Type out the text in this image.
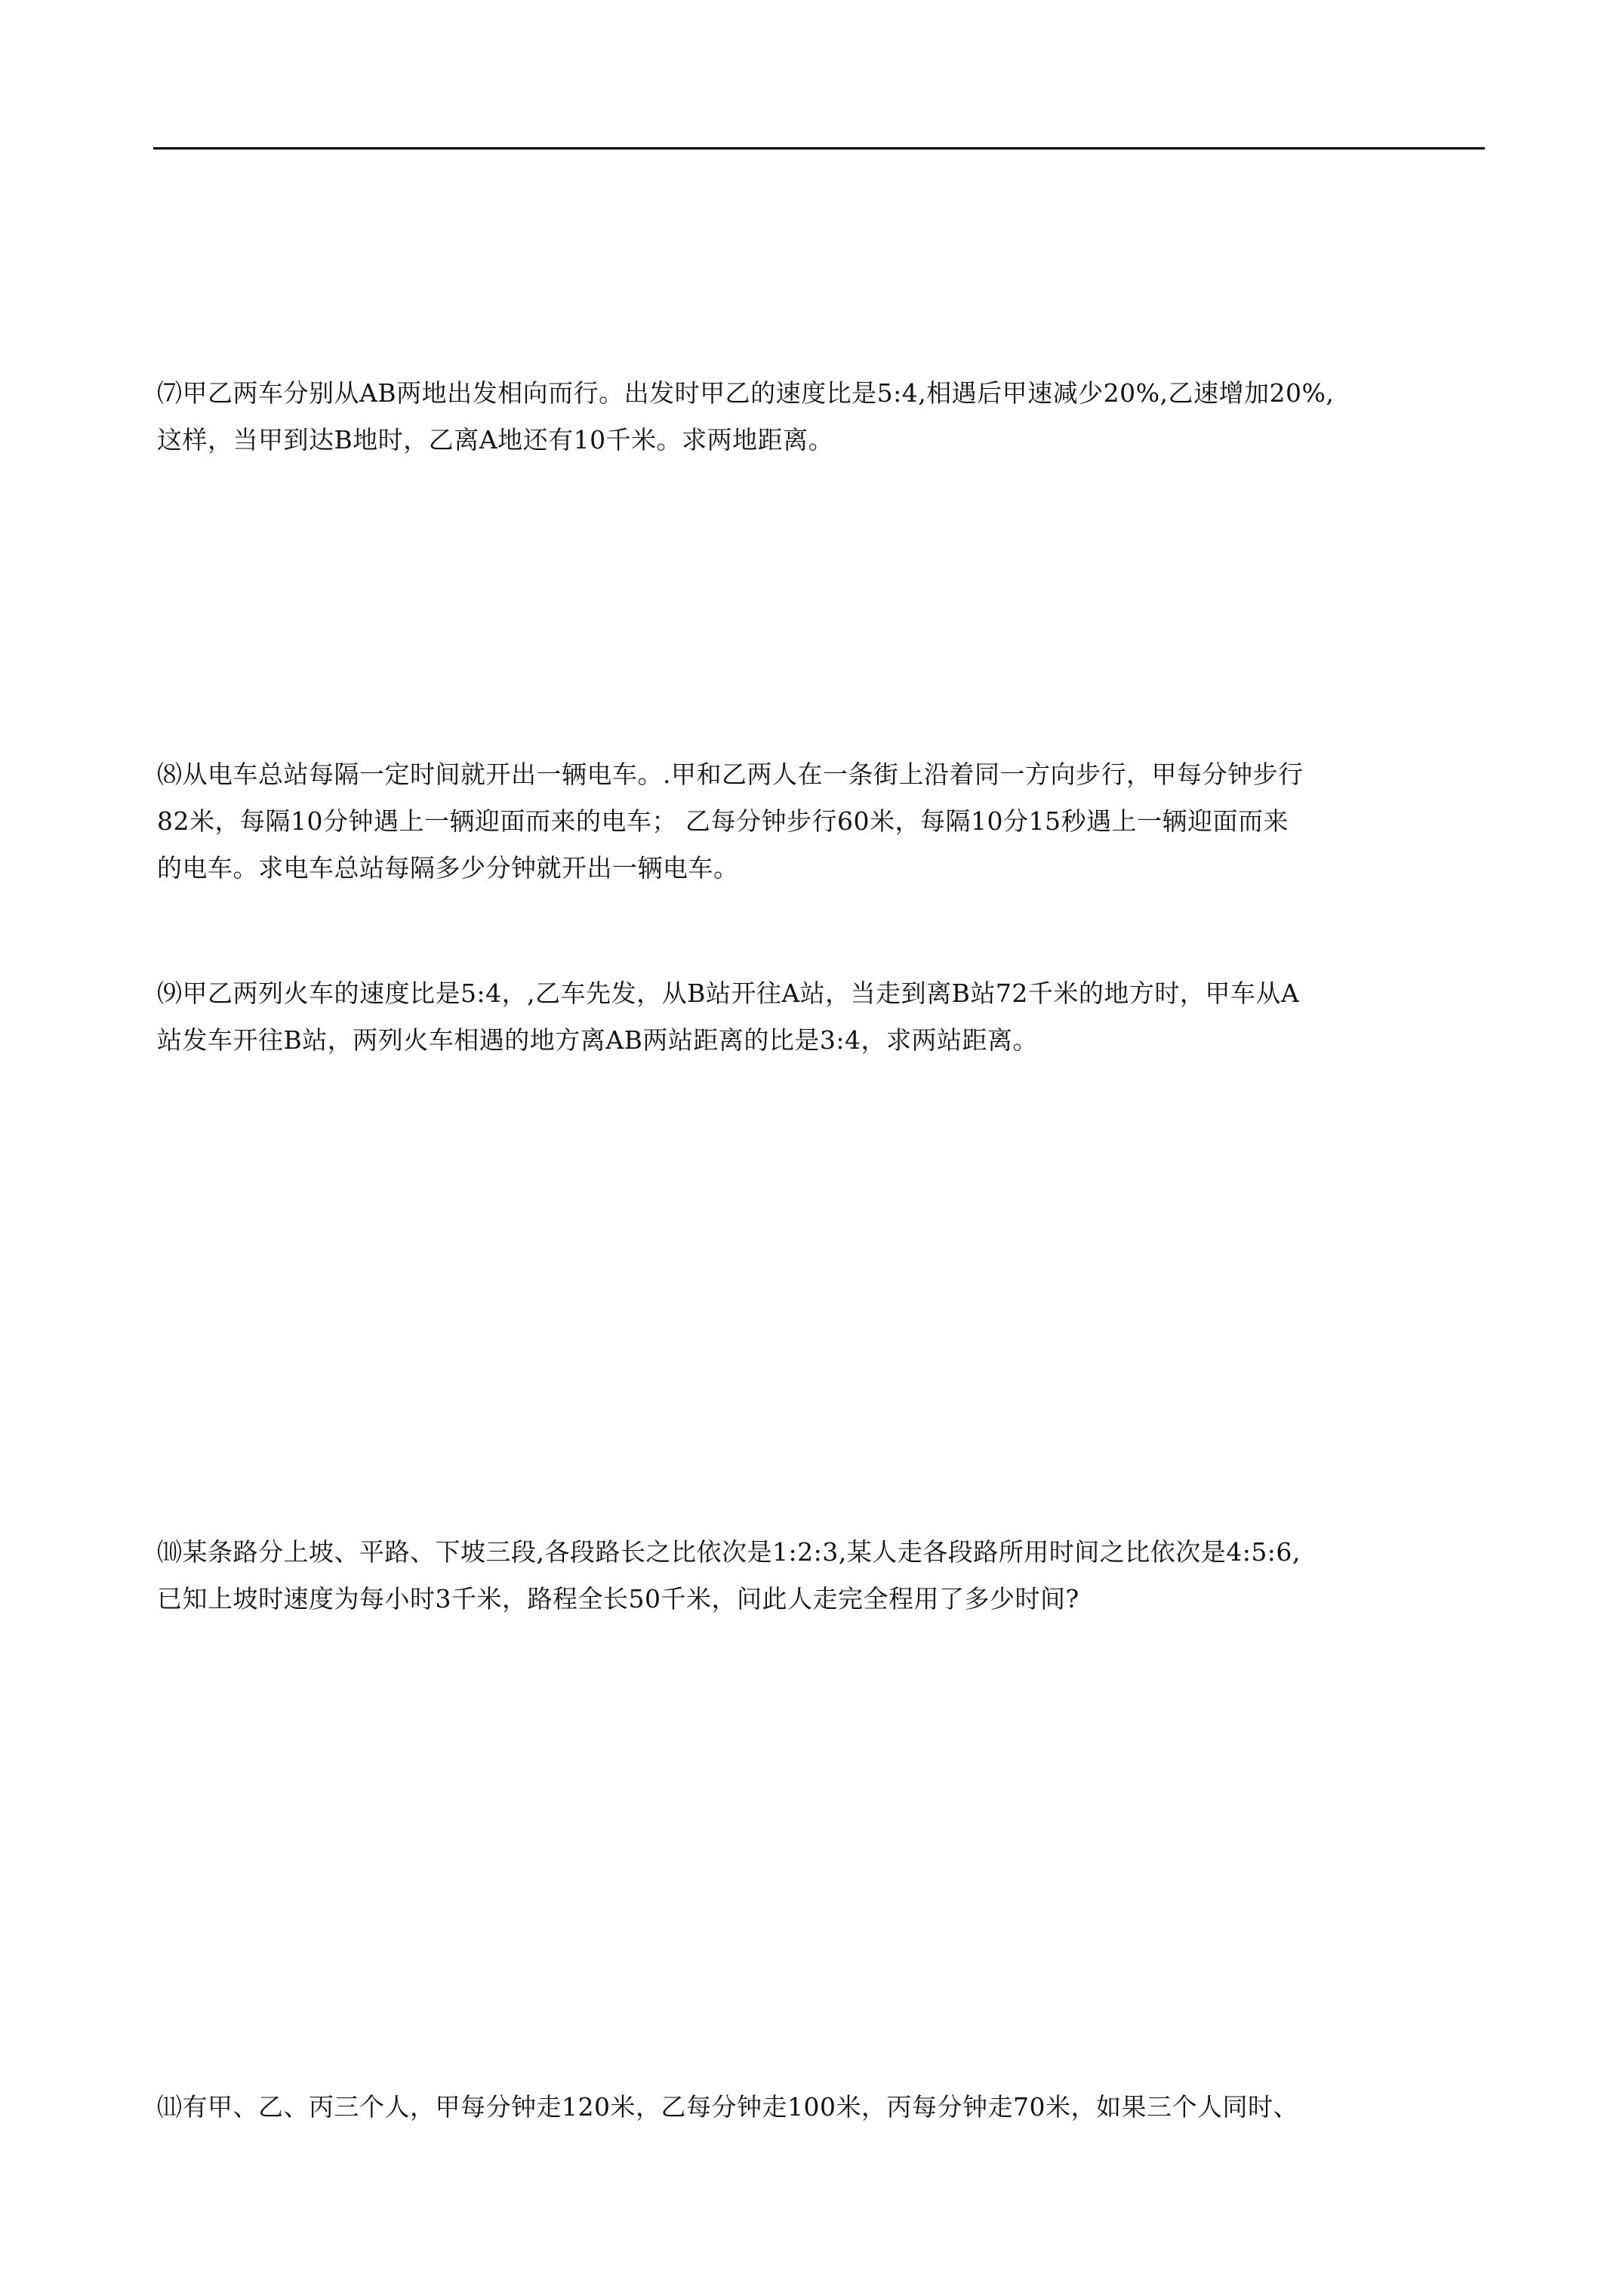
⑺甲乙两车分别从AB两地出发相向而行。出发时甲乙的速度比是5:4,相遇后甲速减少20%,乙速增加20%,
这样，当甲到达B地时，乙离A地还有10千米。求两地距离。

⑻从电车总站每隔一定时间就开出一辆电车。.甲和乙两人在一条街上沿着同一方向步行，甲每分钟步行
82米，每隔10分钟遇上一辆迎面而来的电车； 乙每分钟步行60米，每隔10分15秒遇上一辆迎面而来
的电车。求电车总站每隔多少分钟就开出一辆电车。

⑼甲乙两列火车的速度比是5:4，,乙车先发，从B站开往A站，当走到离B站72千米的地方时，甲车从A
站发车开往B站，两列火车相遇的地方离AB两站距离的比是3:4，求两站距离。

⑽某条路分上坡、平路、下坡三段,各段路长之比依次是1:2:3,某人走各段路所用时间之比依次是4:5:6,
已知上坡时速度为每小时3千米，路程全长50千米，问此人走完全程用了多少时间?

⑾有甲、乙、丙三个人，甲每分钟走120米，乙每分钟走100米，丙每分钟走70米，如果三个人同时、
